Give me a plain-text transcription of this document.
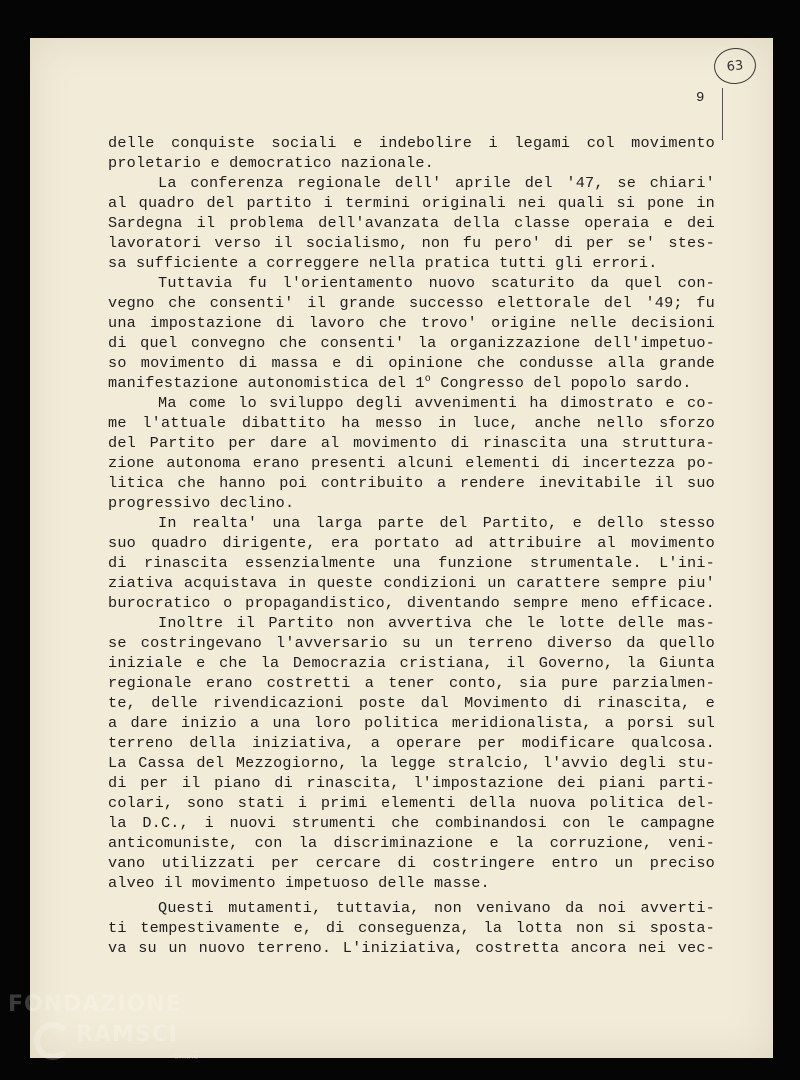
63
9
delle conquiste sociali e indebolire i legami col movimento
proletario e democratico nazionale.
La conferenza regionale dell' aprile del '47, se chiari'
al quadro del partito i termini originali nei quali si pone in
Sardegna il problema dell'avanzata della classe operaia e dei
lavoratori verso il socialismo, non fu pero' di per se' stes-
sa sufficiente a correggere nella pratica tutti gli errori.
Tuttavia fu l'orientamento nuovo scaturito da quel con-
vegno che consenti' il grande successo elettorale del '49; fu
una impostazione di lavoro che trovo' origine nelle decisioni
di quel convegno che consenti' la organizzazione dell'impetuo-
so movimento di massa e di opinione che condusse alla grande
manifestazione autonomistica del 1$^o$ Congresso del popolo sardo.
Ma come lo sviluppo degli avvenimenti ha dimostrato e co-
me l'attuale dibattito ha messo in luce, anche nello sforzo
del Partito per dare al movimento di rinascita una struttura-
zione autonoma erano presenti alcuni elementi di incertezza po-
litica che hanno poi contribuito a rendere inevitabile il suo
progressivo declino.
In realta' una larga parte del Partito, e dello stesso
suo quadro dirigente, era portato ad attribuire al movimento
di rinascita essenzialmente una funzione strumentale. L'ini-
ziativa acquistava in queste condizioni un carattere sempre piu'
burocratico o propagandistico, diventando sempre meno efficace.
Inoltre il Partito non avvertiva che le lotte delle mas-
se costringevano l'avversario su un terreno diverso da quello
iniziale e che la Democrazia cristiana, il Governo, la Giunta
regionale erano costretti a tener conto, sia pure parzialmen-
te, delle rivendicazioni poste dal Movimento di rinascita, e
a dare inizio a una loro politica meridionalista, a porsi sul
terreno della iniziativa, a operare per modificare qualcosa.
La Cassa del Mezzogiorno, la legge stralcio, l'avvio degli stu-
di per il piano di rinascita, l'impostazione dei piani parti-
colari, sono stati i primi elementi della nuova politica del-
la D.C., i nuovi strumenti che combinandosi con le campagne
anticomuniste, con la discriminazione e la corruzione, veni-
vano utilizzati per cercare di costringere entro un preciso
alveo il movimento impetuoso delle masse.
Questi mutamenti, tuttavia, non venivano da noi avverti-
ti tempestivamente e, di conseguenza, la lotta non si sposta-
va su un nuovo terreno. L'iniziativa, costretta ancora nei vec-
FONDAZIONE
RAMSCI
online
